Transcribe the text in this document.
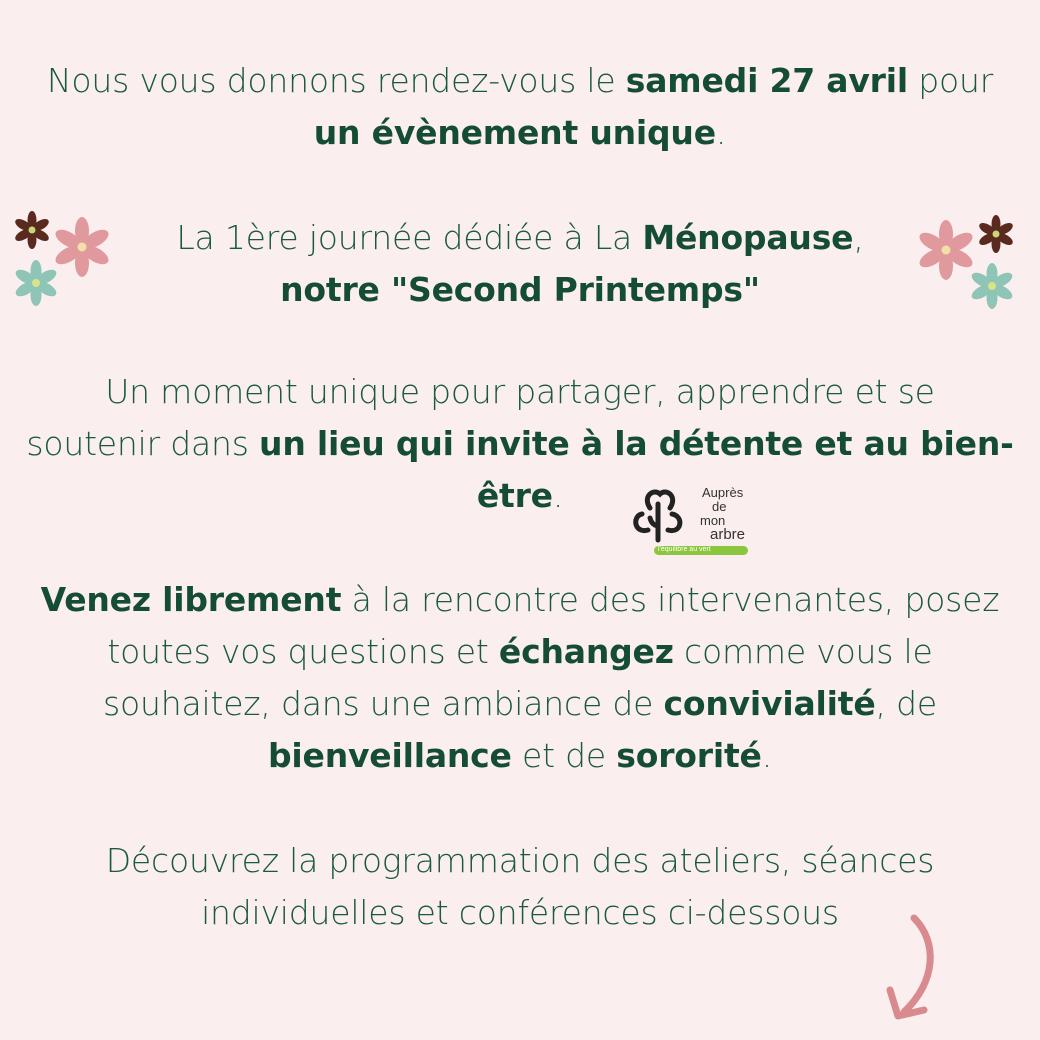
Nous vous donnons rendez-vous le samedi 27 avril pour
un évènement unique.
La 1ère journée dédiée à La Ménopause,
notre "Second Printemps"
Un moment unique pour partager, apprendre et se
soutenir dans un lieu qui invite à la détente et au bien-
être.
Venez librement à la rencontre des intervenantes, posez
toutes vos questions et échangez comme vous le
souhaitez, dans une ambiance de convivialité, de
bienveillance et de sororité.
Découvrez la programmation des ateliers, séances
individuelles et conférences ci-dessous
Auprès
de
mon
arbre
l'équilibre au vert
